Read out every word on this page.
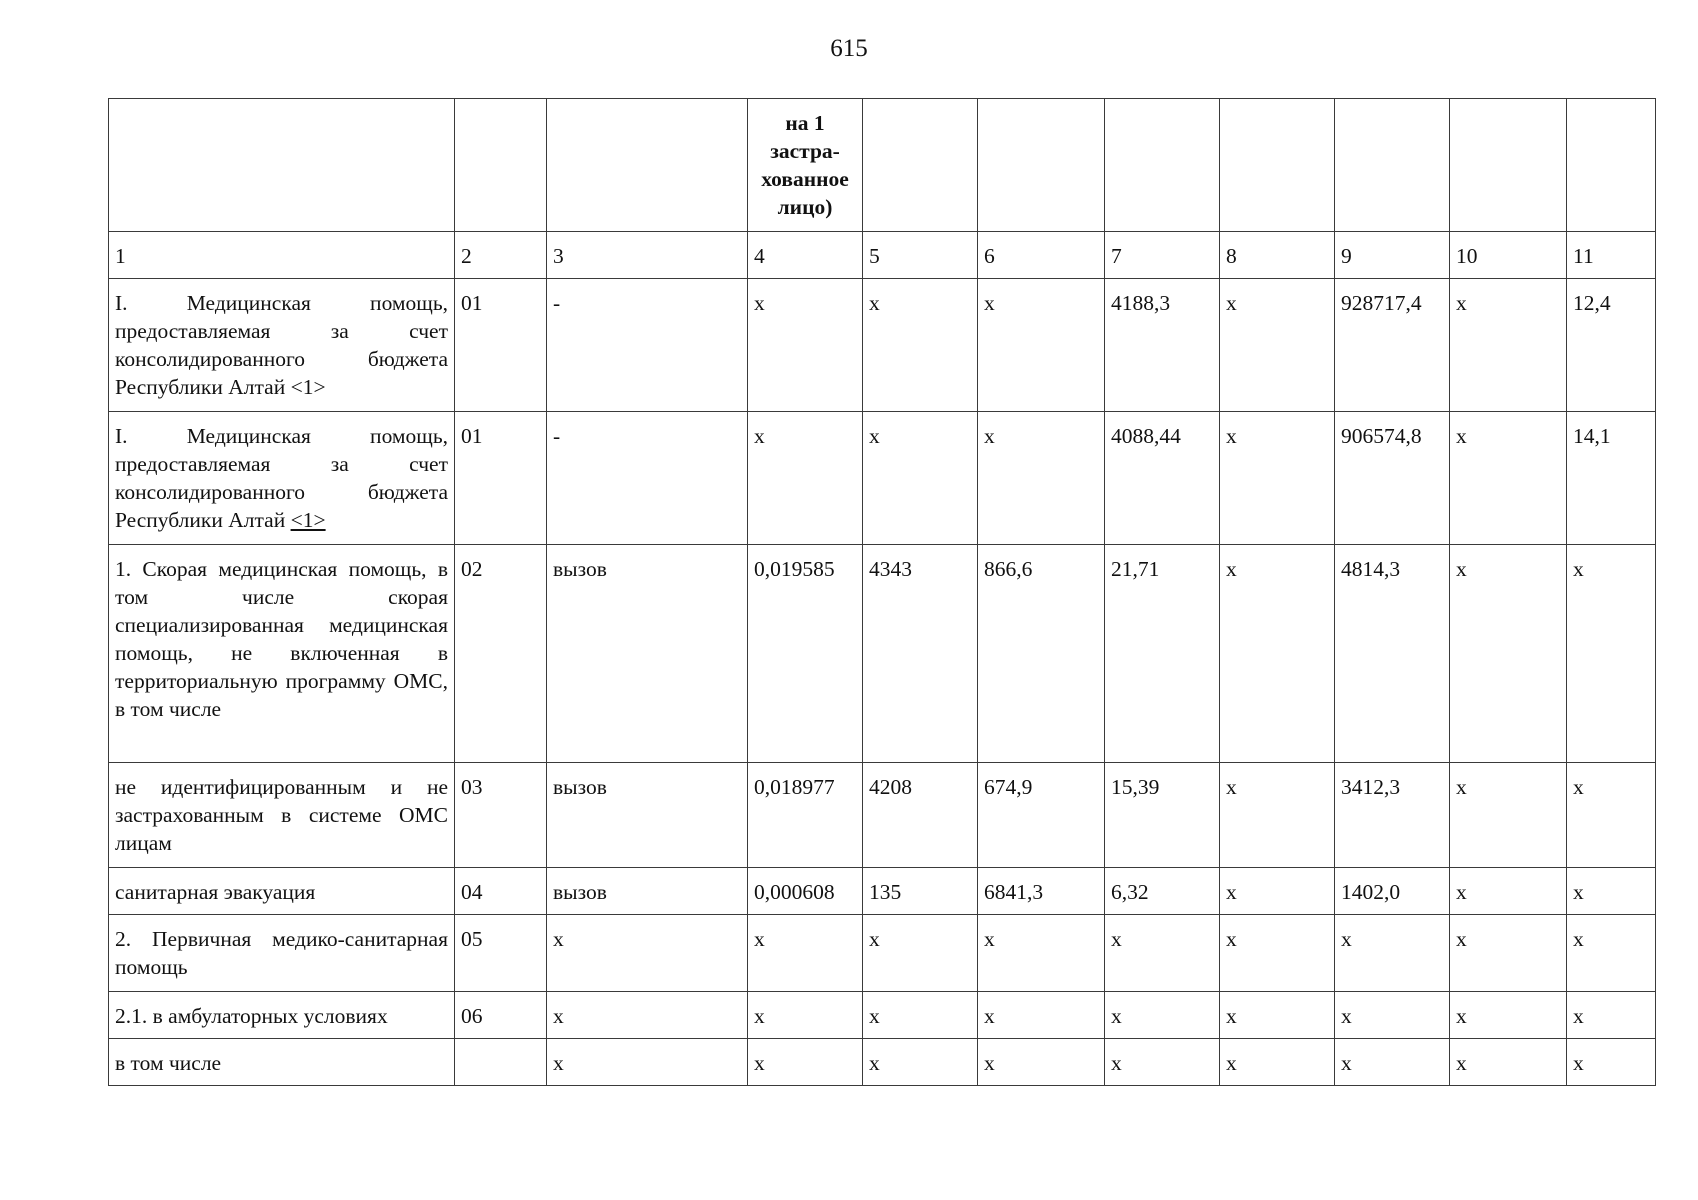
615
			на 1 застра-хованное лицо)							
1	2	3	4	5	6	7	8	9	10	11
I. Медицинская помощь, предоставляемая за счет консолидированного бюджета Республики Алтай <1>	01	-	x	x	x	4188,3	x	928717,4	x	12,4
I. Медицинская помощь, предоставляемая за счет консолидированного бюджета Республики Алтай <1>	01	-	x	x	x	4088,44	x	906574,8	x	14,1
1. Скорая медицинская помощь, в том числе скорая специализированная медицинская помощь, не включенная в территориальную программу ОМС, в том числе	02	вызов	0,019585	4343	866,6	21,71	x	4814,3	x	x
не идентифицированным и не застрахованным в системе ОМС лицам	03	вызов	0,018977	4208	674,9	15,39	x	3412,3	x	x
санитарная эвакуация	04	вызов	0,000608	135	6841,3	6,32	x	1402,0	x	x
2. Первичная медико-санитарная помощь	05	x	x	x	x	x	x	x	x	x
2.1. в амбулаторных условиях	06	x	x	x	x	x	x	x	x	x
в том числе		x	x	x	x	x	x	x	x	x
